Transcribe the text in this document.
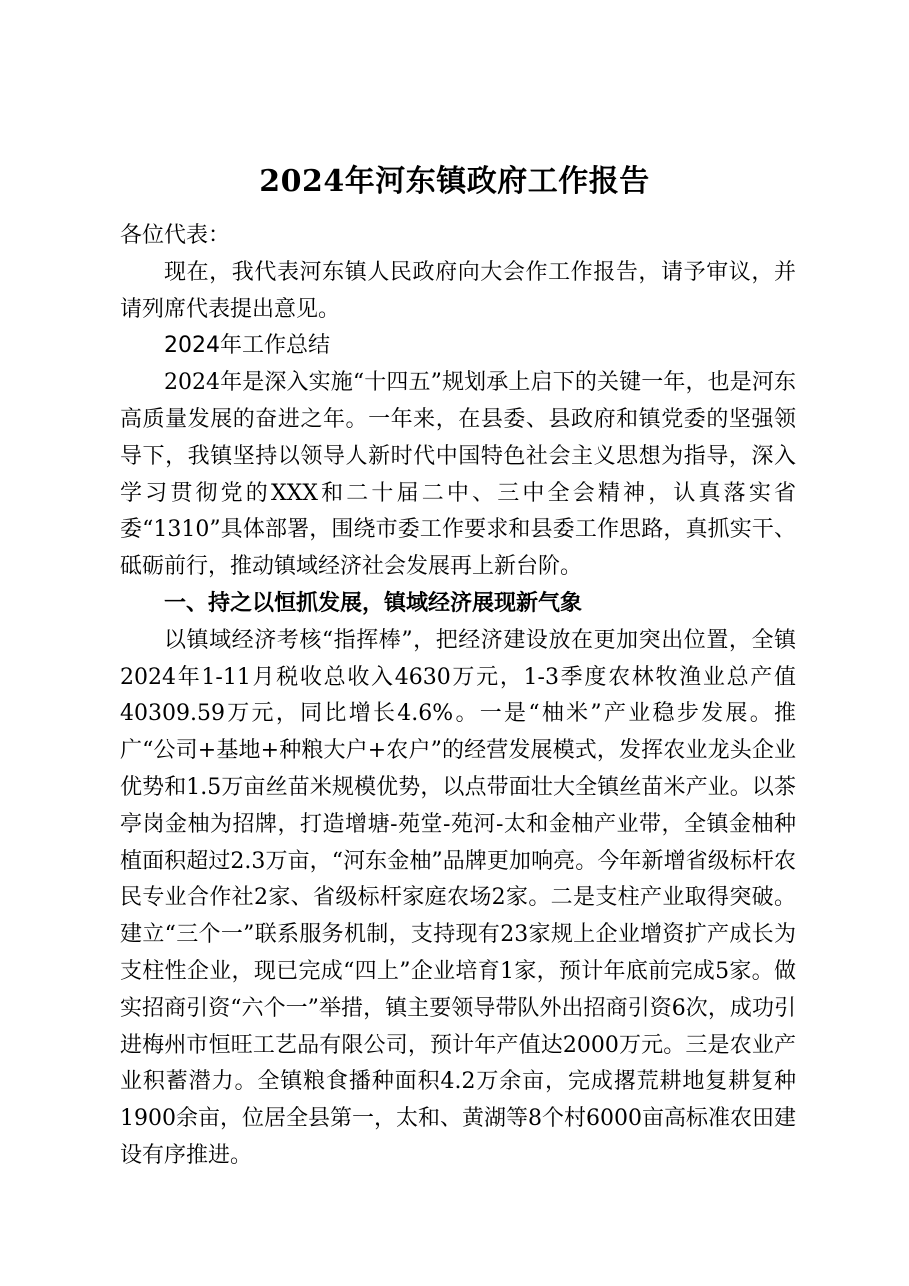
2024年河东镇政府工作报告

各位代表：

现在，我代表河东镇人民政府向大会作工作报告，请予审议，并请列席代表提出意见。

2024年工作总结

2024年是深入实施“十四五”规划承上启下的关键一年，也是河东高质量发展的奋进之年。一年来，在县委、县政府和镇党委的坚强领导下，我镇坚持以领导人新时代中国特色社会主义思想为指导，深入学习贯彻党的XXX和二十届二中、三中全会精神，认真落实省委“1310”具体部署，围绕市委工作要求和县委工作思路，真抓实干、砥砺前行，推动镇域经济社会发展再上新台阶。

一、持之以恒抓发展，镇域经济展现新气象

以镇域经济考核“指挥棒”，把经济建设放在更加突出位置，全镇2024年1-11月税收总收入4630万元，1-3季度农林牧渔业总产值40309.59万元，同比增长4.6%。一是“柚米”产业稳步发展。推广“公司+基地+种粮大户+农户”的经营发展模式，发挥农业龙头企业优势和1.5万亩丝苗米规模优势，以点带面壮大全镇丝苗米产业。以茶亭岗金柚为招牌，打造增塘-苑堂-苑河-太和金柚产业带，全镇金柚种植面积超过2.3万亩，“河东金柚”品牌更加响亮。今年新增省级标杆农民专业合作社2家、省级标杆家庭农场2家。二是支柱产业取得突破。建立“三个一”联系服务机制，支持现有23家规上企业增资扩产成长为支柱性企业，现已完成“四上”企业培育1家，预计年底前完成5家。做实招商引资“六个一”举措，镇主要领导带队外出招商引资6次，成功引进梅州市恒旺工艺品有限公司，预计年产值达2000万元。三是农业产业积蓄潜力。全镇粮食播种面积4.2万余亩，完成撂荒耕地复耕复种1900余亩，位居全县第一，太和、黄湖等8个村6000亩高标准农田建设有序推进。
